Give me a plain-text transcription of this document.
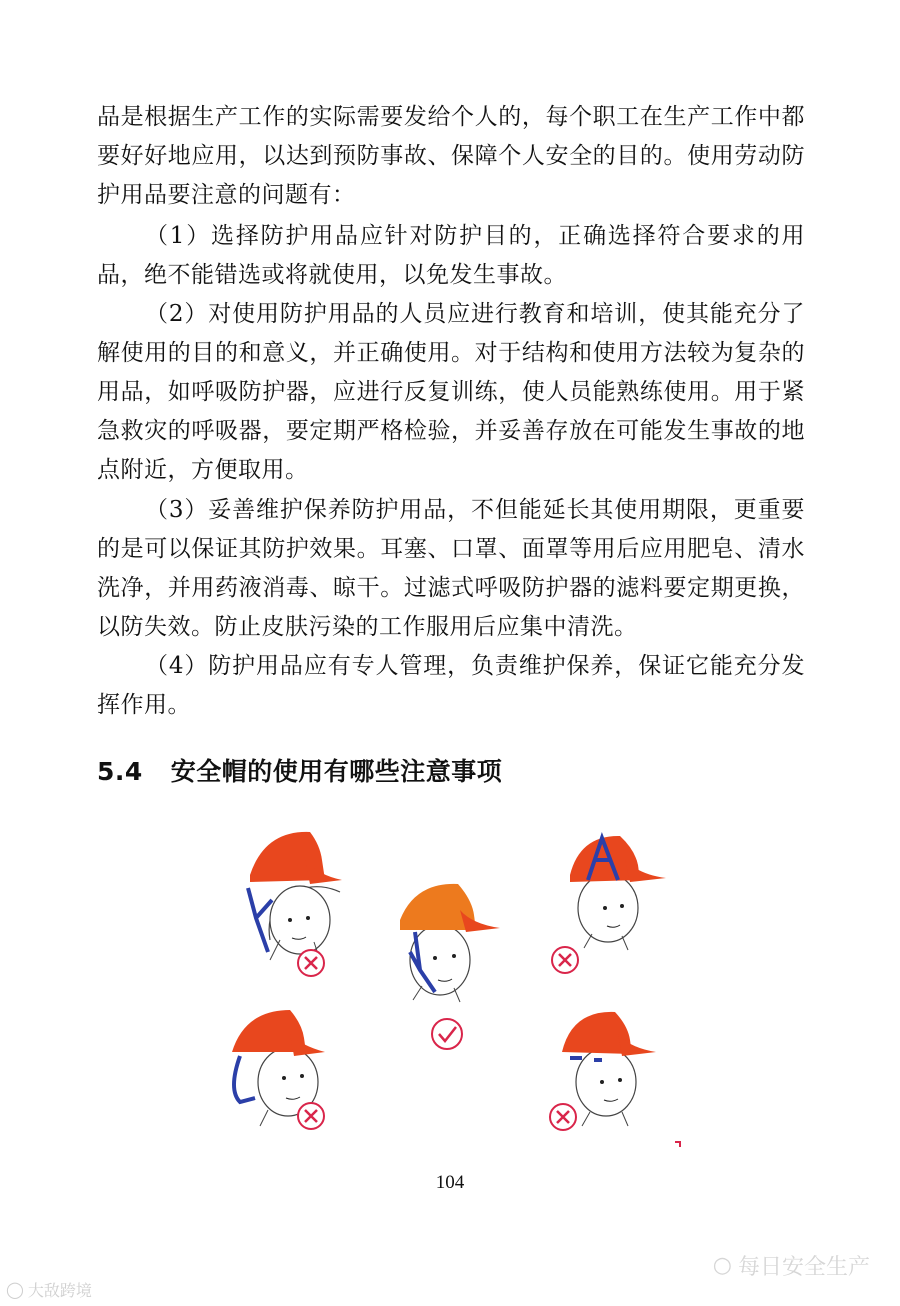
品是根据生产工作的实际需要发给个人的，每个职工在生产工作中都要好好地应用，以达到预防事故、保障个人安全的目的。使用劳动防护用品要注意的问题有：

（1）选择防护用品应针对防护目的，正确选择符合要求的用品，绝不能错选或将就使用，以免发生事故。

（2）对使用防护用品的人员应进行教育和培训，使其能充分了解使用的目的和意义，并正确使用。对于结构和使用方法较为复杂的用品，如呼吸防护器，应进行反复训练，使人员能熟练使用。用于紧急救灾的呼吸器，要定期严格检验，并妥善存放在可能发生事故的地点附近，方便取用。

（3）妥善维护保养防护用品，不但能延长其使用期限，更重要的是可以保证其防护效果。耳塞、口罩、面罩等用后应用肥皂、清水洗净，并用药液消毒、晾干。过滤式呼吸防护器的滤料要定期更换，以防失效。防止皮肤污染的工作服用后应集中清洗。

（4）防护用品应有专人管理，负责维护保养，保证它能充分发挥作用。

5.4 安全帽的使用有哪些注意事项
104
○ 每日安全生产
◯ 大敌跨境
